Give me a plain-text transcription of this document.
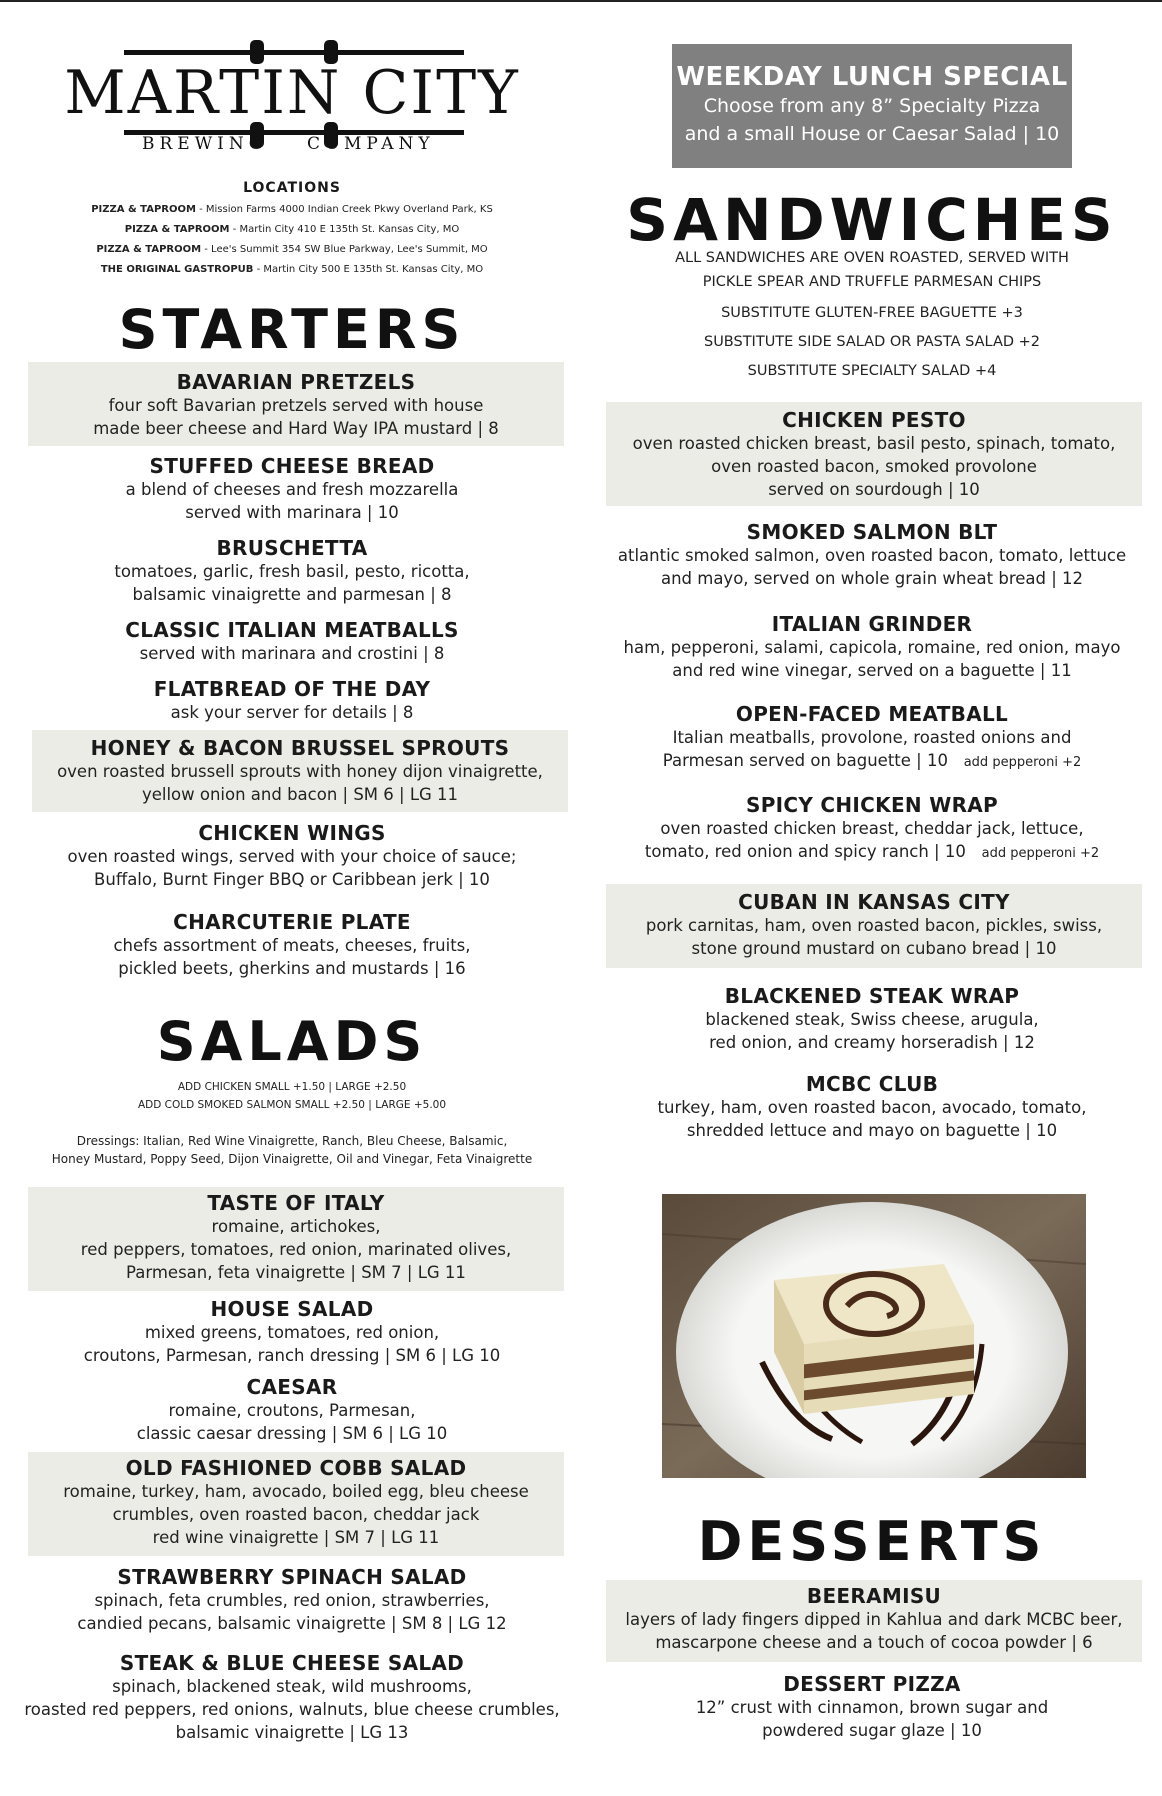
MARTIN CITY
BREWING COMPANY
LOCATIONS
PIZZA & TAPROOM - Mission Farms 4000 Indian Creek Pkwy Overland Park, KS
PIZZA & TAPROOM - Martin City 410 E 135th St. Kansas City, MO
PIZZA & TAPROOM - Lee's Summit 354 SW Blue Parkway, Lee's Summit, MO
THE ORIGINAL GASTROPUB - Martin City 500 E 135th St. Kansas City, MO
STARTERS
BAVARIAN PRETZELS
four soft Bavarian pretzels served with house
made beer cheese and Hard Way IPA mustard | 8
STUFFED CHEESE BREAD
a blend of cheeses and fresh mozzarella
served with marinara | 10
BRUSCHETTA
tomatoes, garlic, fresh basil, pesto, ricotta,
balsamic vinaigrette and parmesan | 8
CLASSIC ITALIAN MEATBALLS
served with marinara and crostini | 8
FLATBREAD OF THE DAY
ask your server for details | 8
HONEY & BACON BRUSSEL SPROUTS
oven roasted brussell sprouts with honey dijon vinaigrette,
yellow onion and bacon | SM 6 | LG 11
CHICKEN WINGS
oven roasted wings, served with your choice of sauce;
Buffalo, Burnt Finger BBQ or Caribbean jerk | 10
CHARCUTERIE PLATE
chefs assortment of meats, cheeses, fruits,
pickled beets, gherkins and mustards | 16
SALADS
ADD CHICKEN SMALL +1.50 | LARGE +2.50
ADD COLD SMOKED SALMON SMALL +2.50 | LARGE +5.00
Dressings: Italian, Red Wine Vinaigrette, Ranch, Bleu Cheese, Balsamic,
Honey Mustard, Poppy Seed, Dijon Vinaigrette, Oil and Vinegar, Feta Vinaigrette
TASTE OF ITALY
romaine, artichokes,
red peppers, tomatoes, red onion, marinated olives,
Parmesan, feta vinaigrette | SM 7 | LG 11
HOUSE SALAD
mixed greens, tomatoes, red onion,
croutons, Parmesan, ranch dressing | SM 6 | LG 10
CAESAR
romaine, croutons, Parmesan,
classic caesar dressing | SM 6 | LG 10
OLD FASHIONED COBB SALAD
romaine, turkey, ham, avocado, boiled egg, bleu cheese
crumbles, oven roasted bacon, cheddar jack
red wine vinaigrette | SM 7 | LG 11
STRAWBERRY SPINACH SALAD
spinach, feta crumbles, red onion, strawberries,
candied pecans, balsamic vinaigrette | SM 8 | LG 12
STEAK & BLUE CHEESE SALAD
spinach, blackened steak, wild mushrooms,
roasted red peppers, red onions, walnuts, blue cheese crumbles,
balsamic vinaigrette | LG 13
WEEKDAY LUNCH SPECIAL
Choose from any 8” Specialty Pizza
and a small House or Caesar Salad | 10
SANDWICHES
ALL SANDWICHES ARE OVEN ROASTED, SERVED WITH
PICKLE SPEAR AND TRUFFLE PARMESAN CHIPS
SUBSTITUTE GLUTEN-FREE BAGUETTE +3
SUBSTITUTE SIDE SALAD OR PASTA SALAD +2
SUBSTITUTE SPECIALTY SALAD +4
CHICKEN PESTO
oven roasted chicken breast, basil pesto, spinach, tomato,
oven roasted bacon, smoked provolone
served on sourdough | 10
SMOKED SALMON BLT
atlantic smoked salmon, oven roasted bacon, tomato, lettuce
and mayo, served on whole grain wheat bread | 12
ITALIAN GRINDER
ham, pepperoni, salami, capicola, romaine, red onion, mayo
and red wine vinegar, served on a baguette | 11
OPEN-FACED MEATBALL
Italian meatballs, provolone, roasted onions and
Parmesan served on baguette | 10 add pepperoni +2
SPICY CHICKEN WRAP
oven roasted chicken breast, cheddar jack, lettuce,
tomato, red onion and spicy ranch | 10 add pepperoni +2
CUBAN IN KANSAS CITY
pork carnitas, ham, oven roasted bacon, pickles, swiss,
stone ground mustard on cubano bread | 10
BLACKENED STEAK WRAP
blackened steak, Swiss cheese, arugula,
red onion, and creamy horseradish | 12
MCBC CLUB
turkey, ham, oven roasted bacon, avocado, tomato,
shredded lettuce and mayo on baguette | 10
DESSERTS
BEERAMISU
layers of lady fingers dipped in Kahlua and dark MCBC beer,
mascarpone cheese and a touch of cocoa powder | 6
DESSERT PIZZA
12” crust with cinnamon, brown sugar and
powdered sugar glaze | 10
